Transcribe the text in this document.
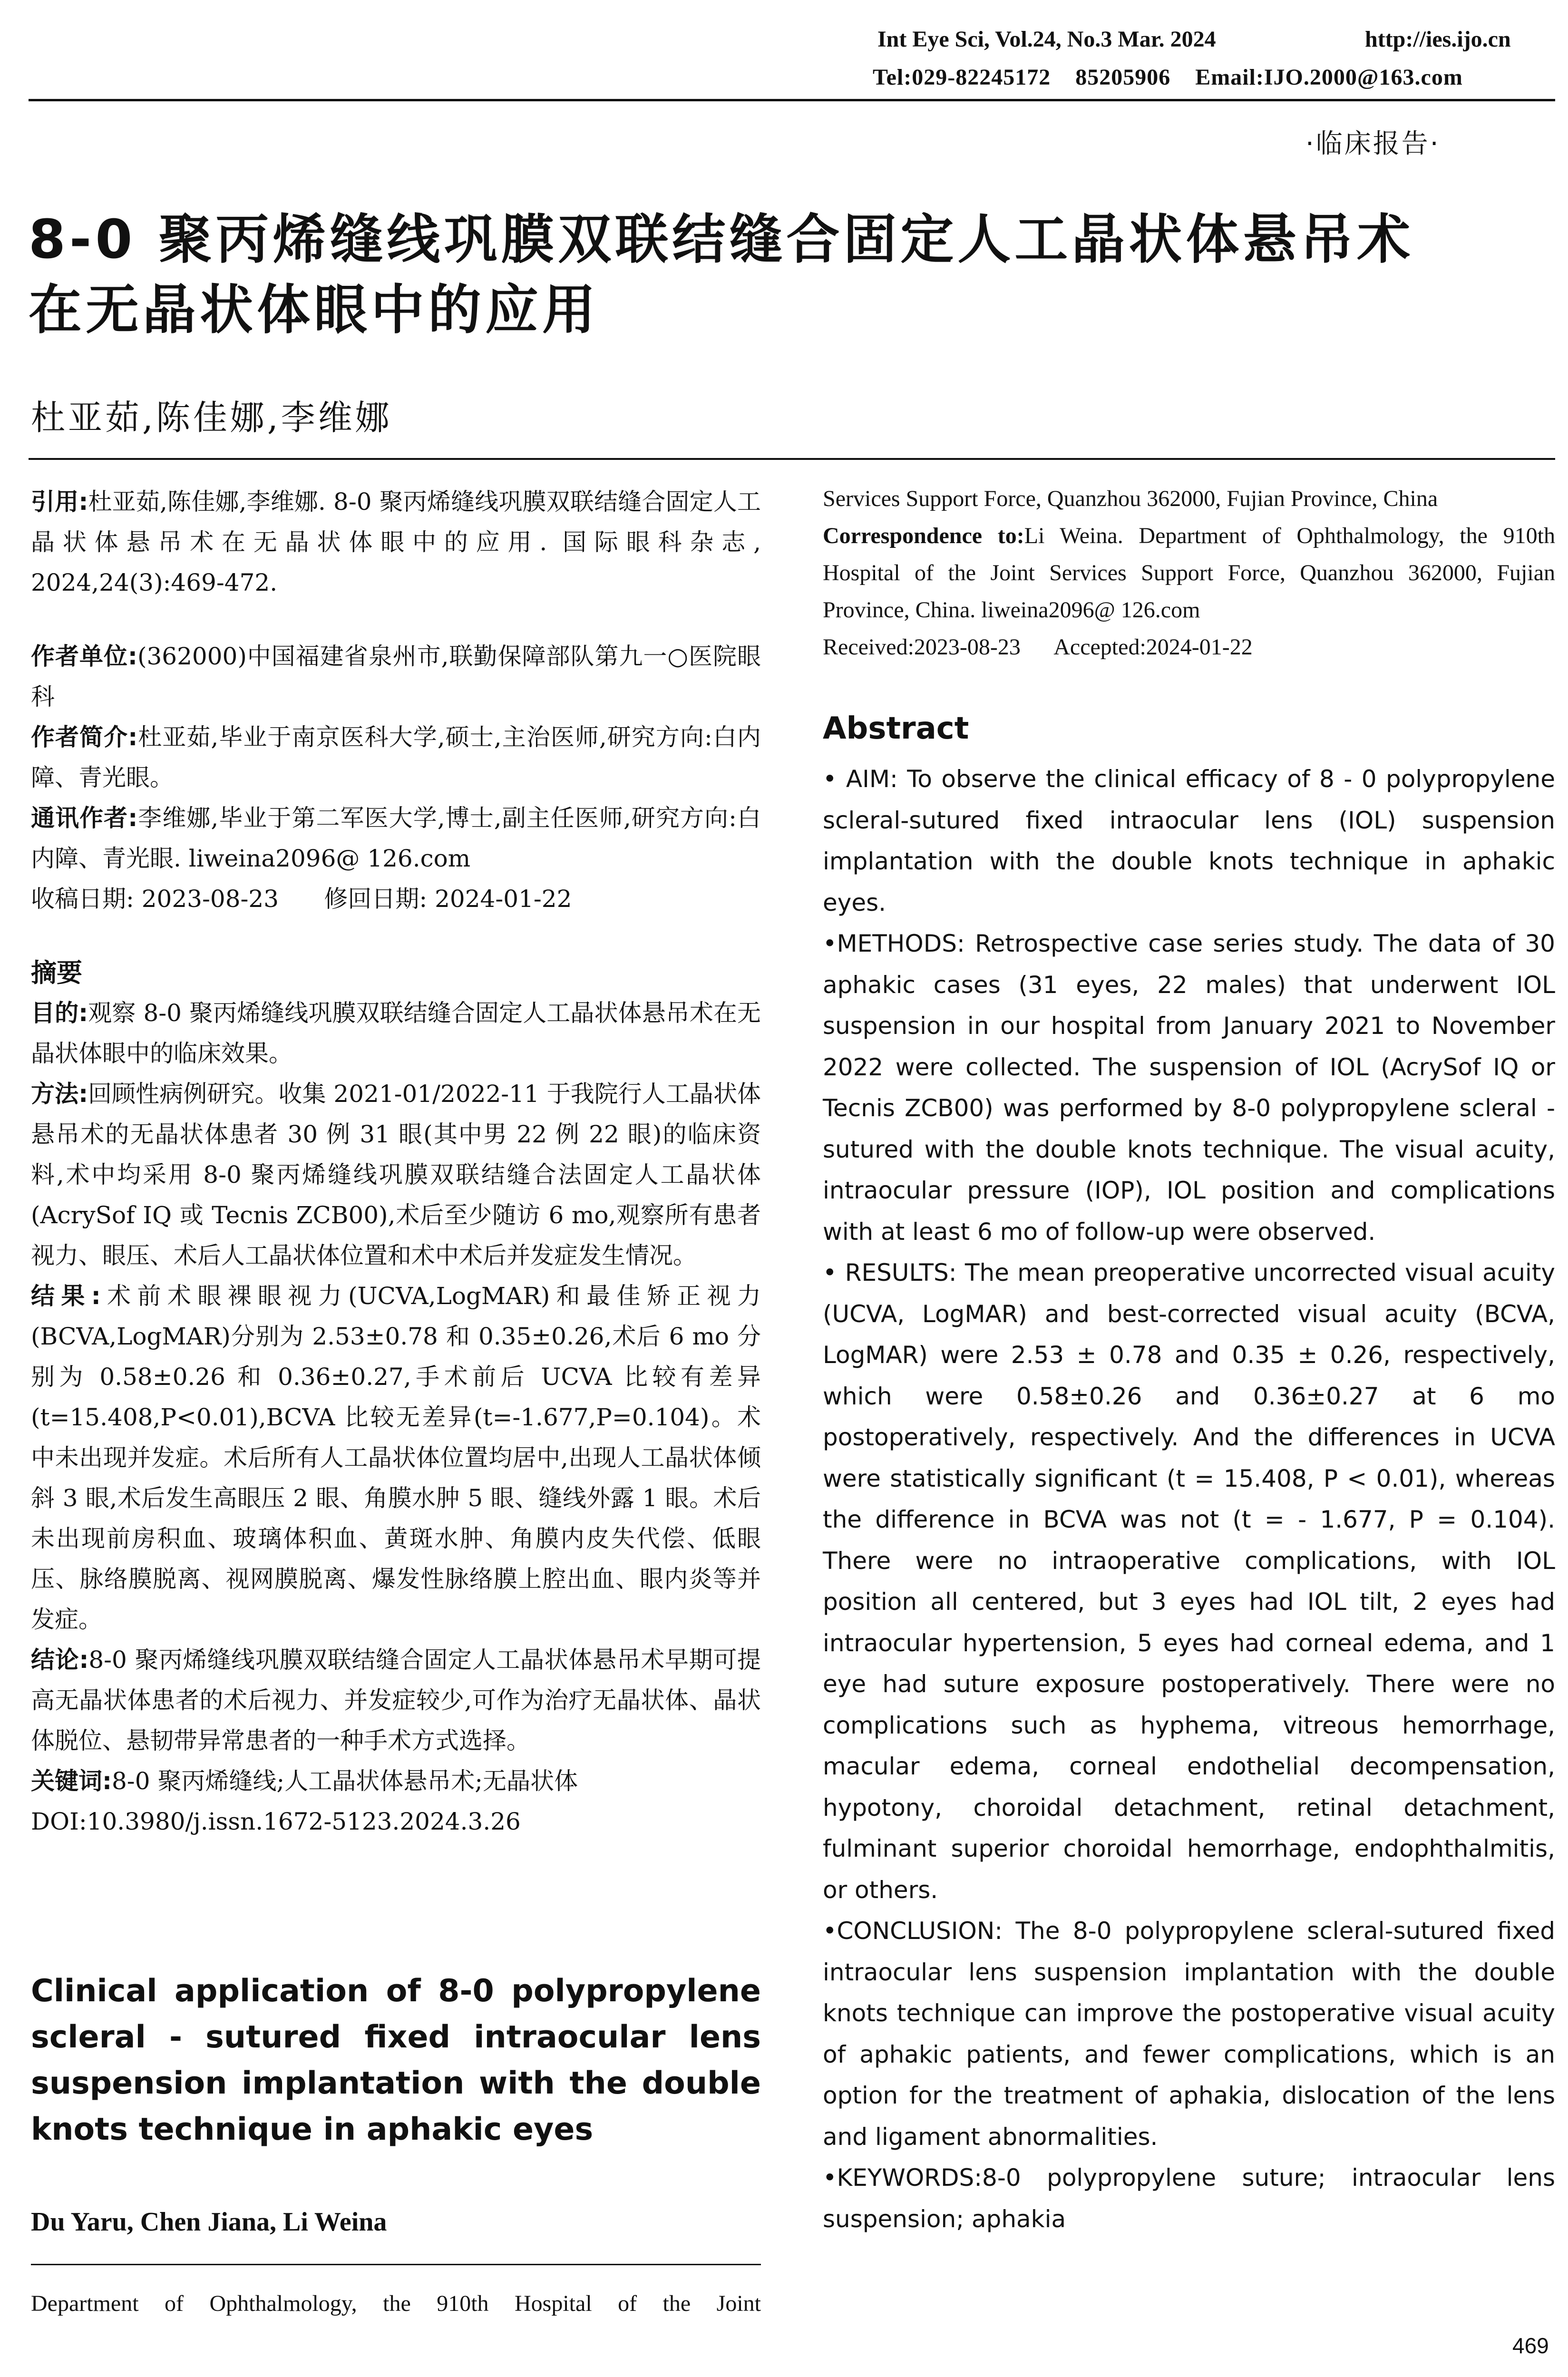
Int Eye Sci, Vol.24, No.3 Mar. 2024	http://ies.ijo.cn
Tel:029-82245172    85205906    Email:IJO.2000@163.com
·临床报告·
8-0 聚丙烯缝线巩膜双联结缝合固定人工晶状体悬吊术
在无晶状体眼中的应用
杜亚茹,陈佳娜,李维娜

引用:杜亚茹,陈佳娜,李维娜. 8-0 聚丙烯缝线巩膜双联结缝合固定人工晶状体悬吊术在无晶状体眼中的应用. 国际眼科杂志, 2024,24(3):469-472.

作者单位:(362000)中国福建省泉州市,联勤保障部队第九一○医院眼科

作者简介:杜亚茹,毕业于南京医科大学,硕士,主治医师,研究方向:白内障、青光眼。

通讯作者:李维娜,毕业于第二军医大学,博士,副主任医师,研究方向:白内障、青光眼. liweina2096@ 126.com

收稿日期: 2023-08-23      修回日期: 2024-01-22

摘要

目的:观察 8-0 聚丙烯缝线巩膜双联结缝合固定人工晶状体悬吊术在无晶状体眼中的临床效果。

方法:回顾性病例研究。收集 2021-01/2022-11 于我院行人工晶状体悬吊术的无晶状体患者 30 例 31 眼(其中男 22 例 22 眼)的临床资料,术中均采用 8-0 聚丙烯缝线巩膜双联结缝合法固定人工晶状体(AcrySof IQ 或 Tecnis ZCB00),术后至少随访 6 mo,观察所有患者视力、眼压、术后人工晶状体位置和术中术后并发症发生情况。

结果:术前术眼裸眼视力(UCVA,LogMAR)和最佳矫正视力(BCVA,LogMAR)分别为 2.53±0.78 和 0.35±0.26,术后 6 mo 分别为 0.58±0.26 和 0.36±0.27,手术前后 UCVA 比较有差异(t=15.408,P<0.01),BCVA 比较无差异(t=-1.677,P=0.104)。术中未出现并发症。术后所有人工晶状体位置均居中,出现人工晶状体倾斜 3 眼,术后发生高眼压 2 眼、角膜水肿 5 眼、缝线外露 1 眼。术后未出现前房积血、玻璃体积血、黄斑水肿、角膜内皮失代偿、低眼压、脉络膜脱离、视网膜脱离、爆发性脉络膜上腔出血、眼内炎等并发症。

结论:8-0 聚丙烯缝线巩膜双联结缝合固定人工晶状体悬吊术早期可提高无晶状体患者的术后视力、并发症较少,可作为治疗无晶状体、晶状体脱位、悬韧带异常患者的一种手术方式选择。

关键词:8-0 聚丙烯缝线;人工晶状体悬吊术;无晶状体

DOI:10.3980/j.issn.1672-5123.2024.3.26

Clinical application of 8-0 polypropylene scleral - sutured fixed intraocular lens suspension implantation with the double knots technique in aphakic eyes
Du Yaru, Chen Jiana, Li Weina
Department of Ophthalmology, the 910th Hospital of the Joint

Services Support Force, Quanzhou 362000, Fujian Province, China

Correspondence to:Li Weina. Department of Ophthalmology, the 910th Hospital of the Joint Services Support Force, Quanzhou 362000, Fujian Province, China. liweina2096@ 126.com

Received:2023-08-23      Accepted:2024-01-22

Abstract

• AIM: To observe the clinical efficacy of 8 - 0 polypropylene scleral-sutured fixed intraocular lens (IOL) suspension implantation with the double knots technique in aphakic eyes.

•METHODS: Retrospective case series study. The data of 30 aphakic cases (31 eyes, 22 males) that underwent IOL suspension in our hospital from January 2021 to November 2022 were collected. The suspension of IOL (AcrySof IQ or Tecnis ZCB00) was performed by 8-0 polypropylene scleral - sutured with the double knots technique. The visual acuity, intraocular pressure (IOP), IOL position and complications with at least 6 mo of follow-up were observed.

• RESULTS: The mean preoperative uncorrected visual acuity (UCVA, LogMAR) and best-corrected visual acuity (BCVA, LogMAR) were 2.53 ± 0.78 and 0.35 ± 0.26, respectively, which were 0.58±0.26 and 0.36±0.27 at 6 mo postoperatively, respectively. And the differences in UCVA were statistically significant (t = 15.408, P < 0.01), whereas the difference in BCVA was not (t = - 1.677, P = 0.104). There were no intraoperative complications, with IOL position all centered, but 3 eyes had IOL tilt, 2 eyes had intraocular hypertension, 5 eyes had corneal edema, and 1 eye had suture exposure postoperatively. There were no complications such as hyphema, vitreous hemorrhage, macular edema, corneal endothelial decompensation, hypotony, choroidal detachment, retinal detachment, fulminant superior choroidal hemorrhage, endophthalmitis, or others.

•CONCLUSION: The 8-0 polypropylene scleral-sutured fixed intraocular lens suspension implantation with the double knots technique can improve the postoperative visual acuity of aphakic patients, and fewer complications, which is an option for the treatment of aphakia, dislocation of the lens and ligament abnormalities.

•KEYWORDS:8-0 polypropylene suture; intraocular lens suspension; aphakia

469
